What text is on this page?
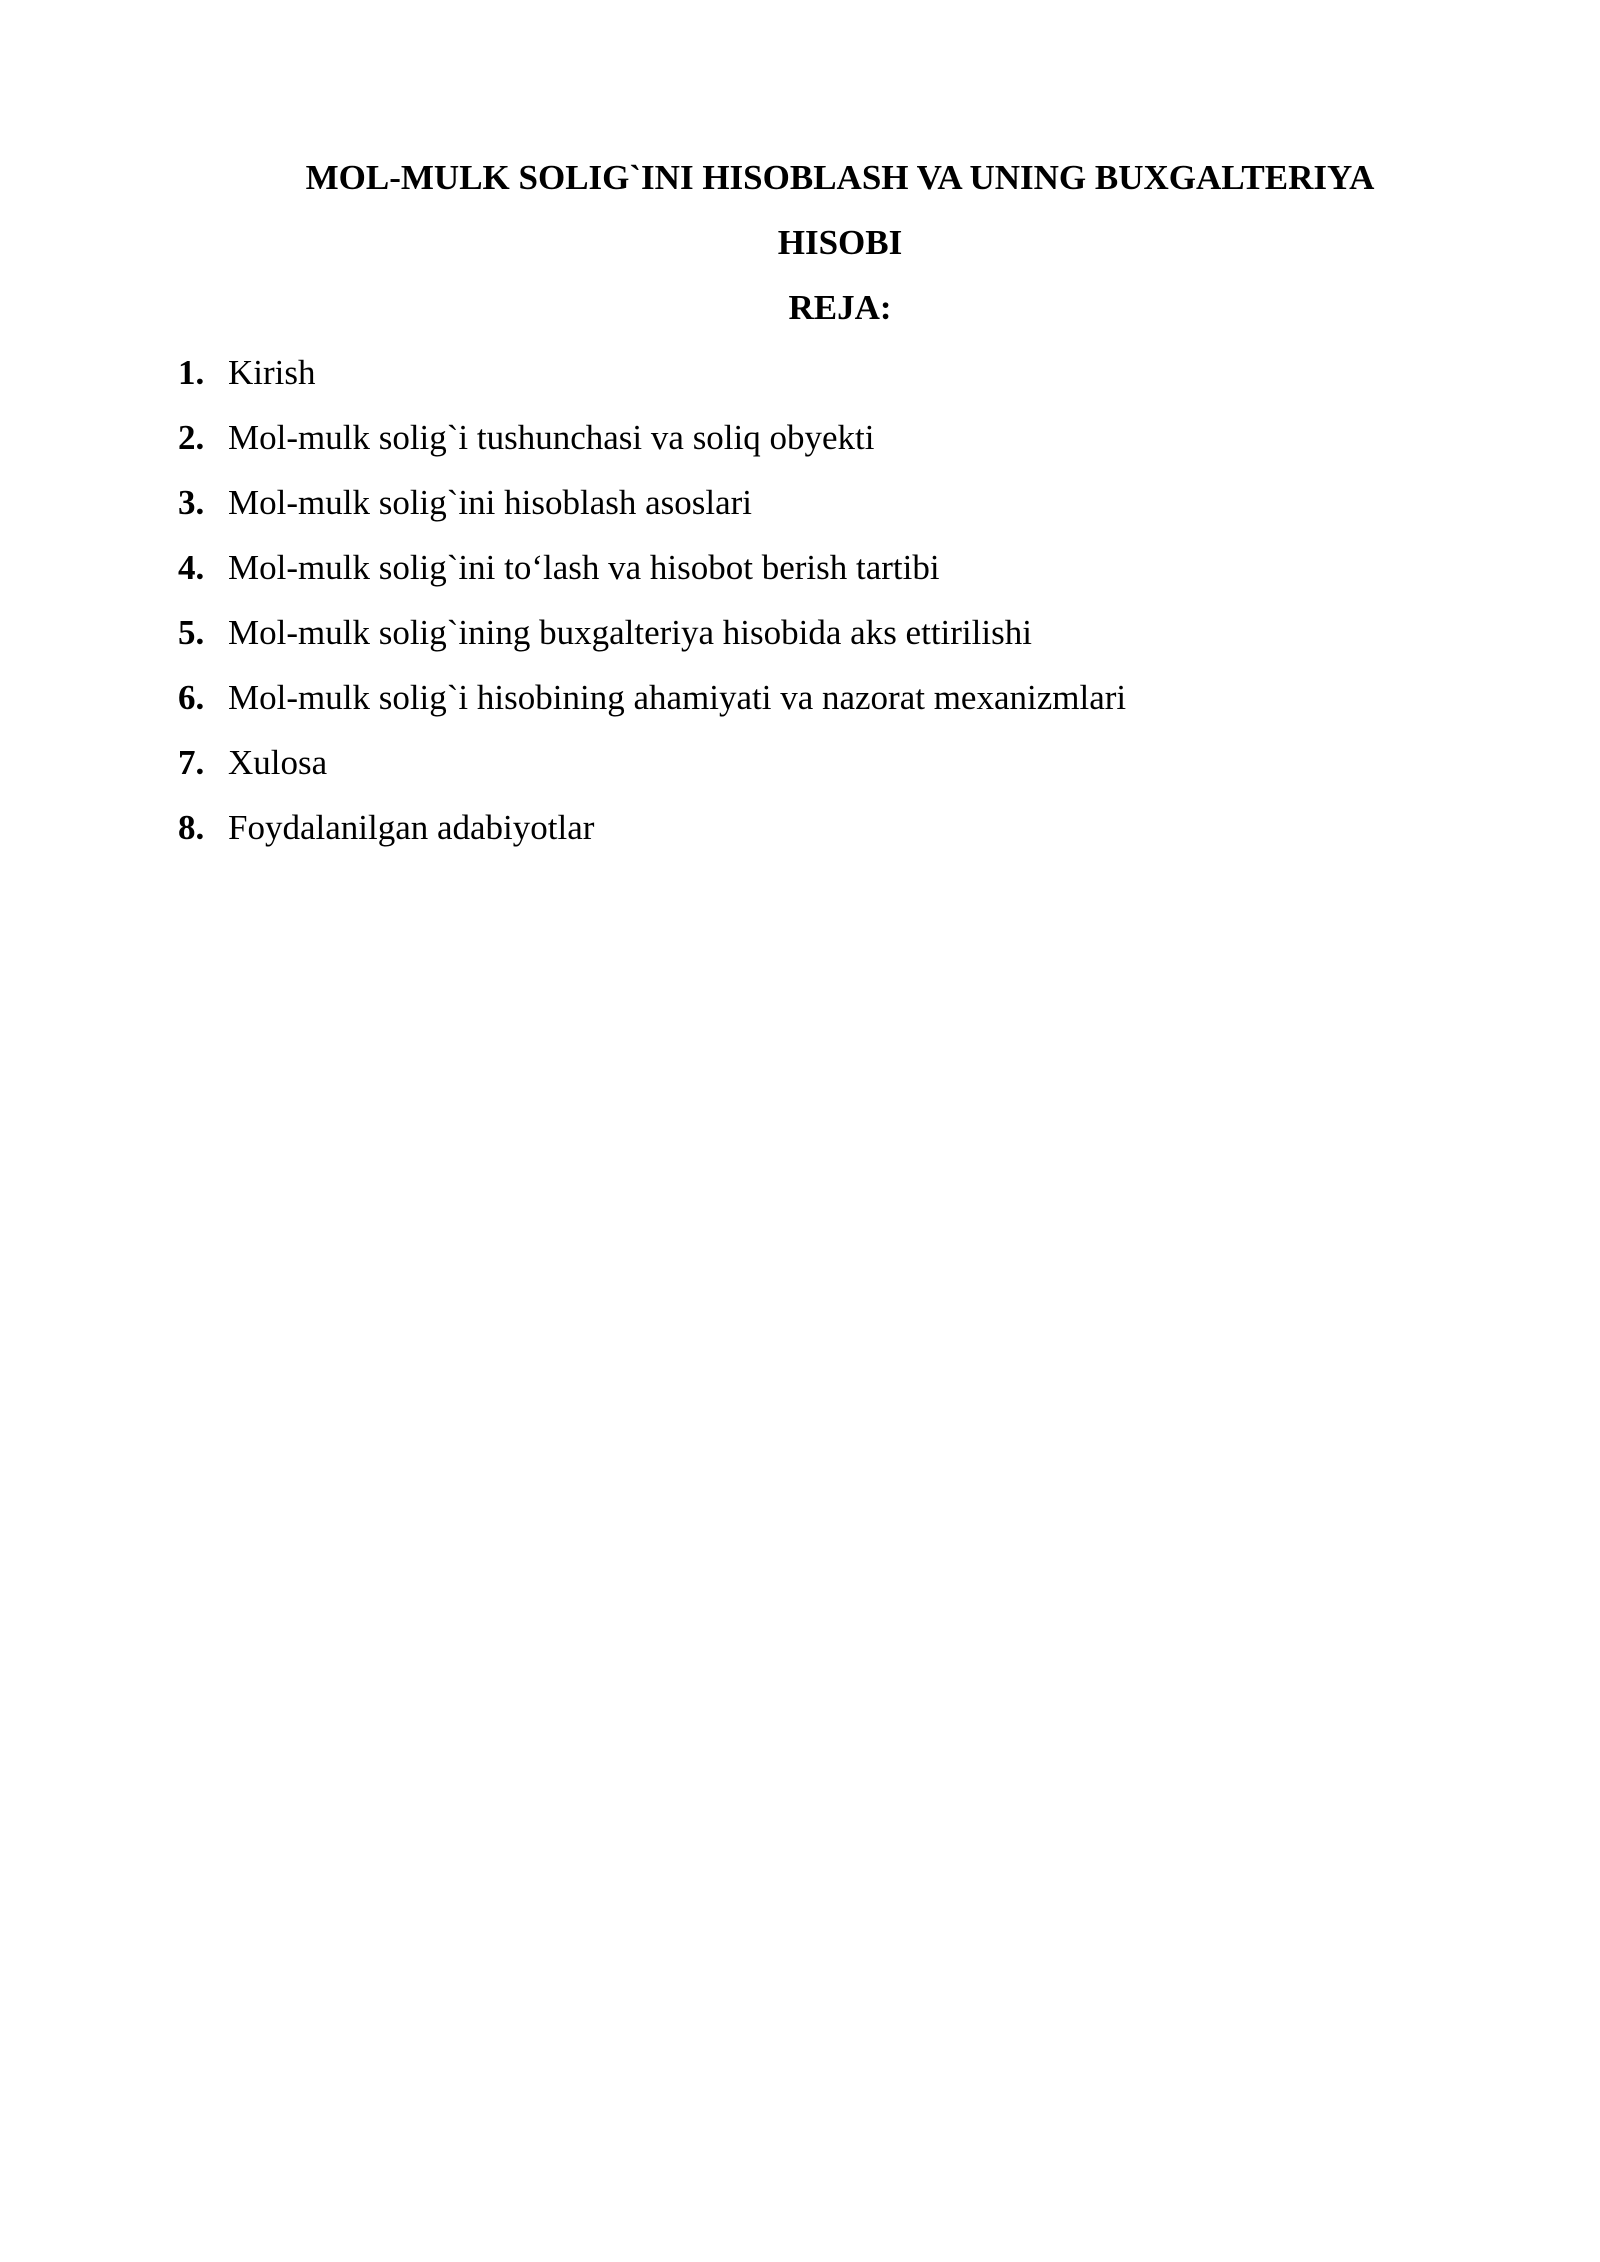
MOL-MULK SOLIG`INI HISOBLASH VA UNING BUXGALTERIYA
HISOBI
REJA:
1. Kirish
2. Mol-mulk solig`i tushunchasi va soliq obyekti
3. Mol-mulk solig`ini hisoblash asoslari
4. Mol-mulk solig`ini to‘lash va hisobot berish tartibi
5. Mol-mulk solig`ining buxgalteriya hisobida aks ettirilishi
6. Mol-mulk solig`i hisobining ahamiyati va nazorat mexanizmlari
7. Xulosa
8. Foydalanilgan adabiyotlar
